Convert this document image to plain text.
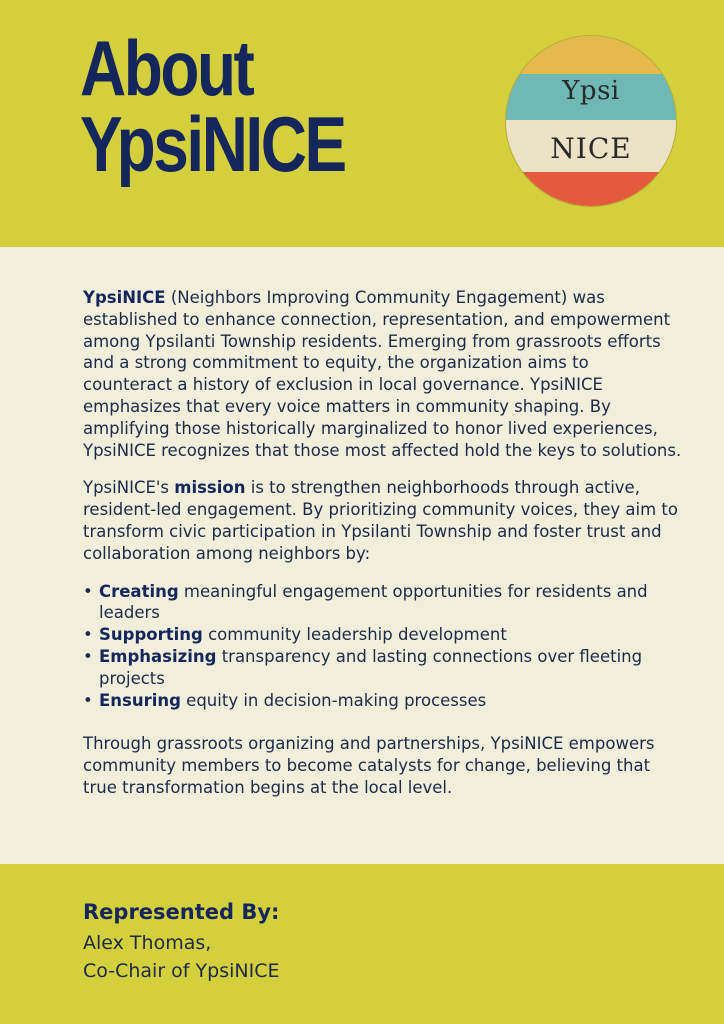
About
YpsiNICE
Ypsi
NICE

YpsiNICE (Neighbors Improving Community Engagement) was established to enhance connection, representation, and empowerment among Ypsilanti Township residents. Emerging from grassroots efforts and a strong commitment to equity, the organization aims to counteract a history of exclusion in local governance. YpsiNICE emphasizes that every voice matters in community shaping. By amplifying those historically marginalized to honor lived experiences, YpsiNICE recognizes that those most affected hold the keys to solutions.

YpsiNICE's mission is to strengthen neighborhoods through active, resident-led engagement. By prioritizing community voices, they aim to transform civic participation in Ypsilanti Township and foster trust and collaboration among neighbors by:

• Creating meaningful engagement opportunities for residents and leaders
• Supporting community leadership development
• Emphasizing transparency and lasting connections over fleeting projects
• Ensuring equity in decision-making processes

Through grassroots organizing and partnerships, YpsiNICE empowers community members to become catalysts for change, believing that true transformation begins at the local level.

Represented By:
Alex Thomas,
Co-Chair of YpsiNICE
